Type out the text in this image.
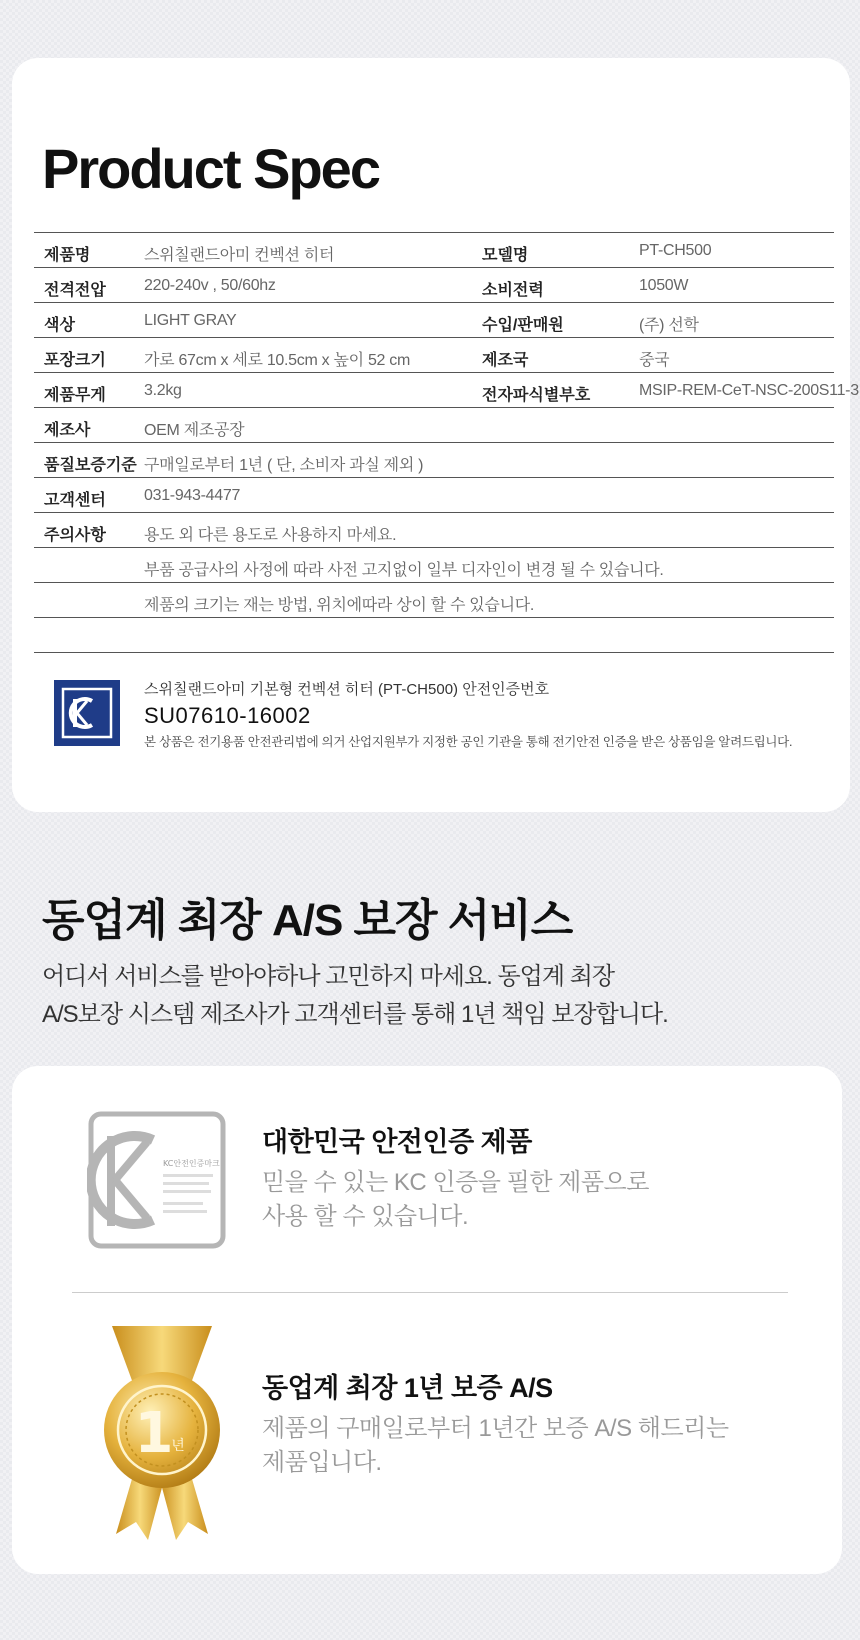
Product Spec
제품명	스위칠랜드아미 컨벡션 히터	모델명	PT-CH500
전격전압 220-240v , 50/60hz	소비전력	1050W
색상	LIGHT GRAY	수입/판매원	(주) 선학
포장크기 가로 67cm x 세로 10.5cm x 높이 52 cm	제조국	중국
제품무게 3.2kg	전자파식별부호	MSIP-REM-CeT-NSC-200S11-3
제조사	OEM 제조공장
품질보증기준 구매일로부터 1년 ( 단, 소비자 과실 제외 )
고객센터 031-943-4477
주의사항 용도 외 다른 용도로 사용하지 마세요.
부품 공급사의 사정에 따라 사전 고지없이 일부 디자인이 변경 될 수 있습니다.
제품의 크기는 재는 방법, 위치에따라 상이 할 수 있습니다.
스위칠랜드아미 기본형 컨벡션 히터 (PT-CH500) 안전인증번호
SU07610-16002
본 상품은 전기용품 안전관리법에 의거 산업지원부가 지정한 공인 기관을 통해 전기안전 인증을 받은 상품임을 알려드립니다.
동업계 최장 A/S 보장 서비스
어디서 서비스를 받아야하나 고민하지 마세요. 동업계 최장
A/S보장 시스템 제조사가 고객센터를 통해 1년 책임 보장합니다.
KC안전인증마크
대한민국 안전인증 제품
믿을 수 있는 KC 인증을 필한 제품으로
사용 할 수 있습니다.
1
년
동업계 최장 1년 보증 A/S
제품의 구매일로부터 1년간 보증 A/S 해드리는
제품입니다.
